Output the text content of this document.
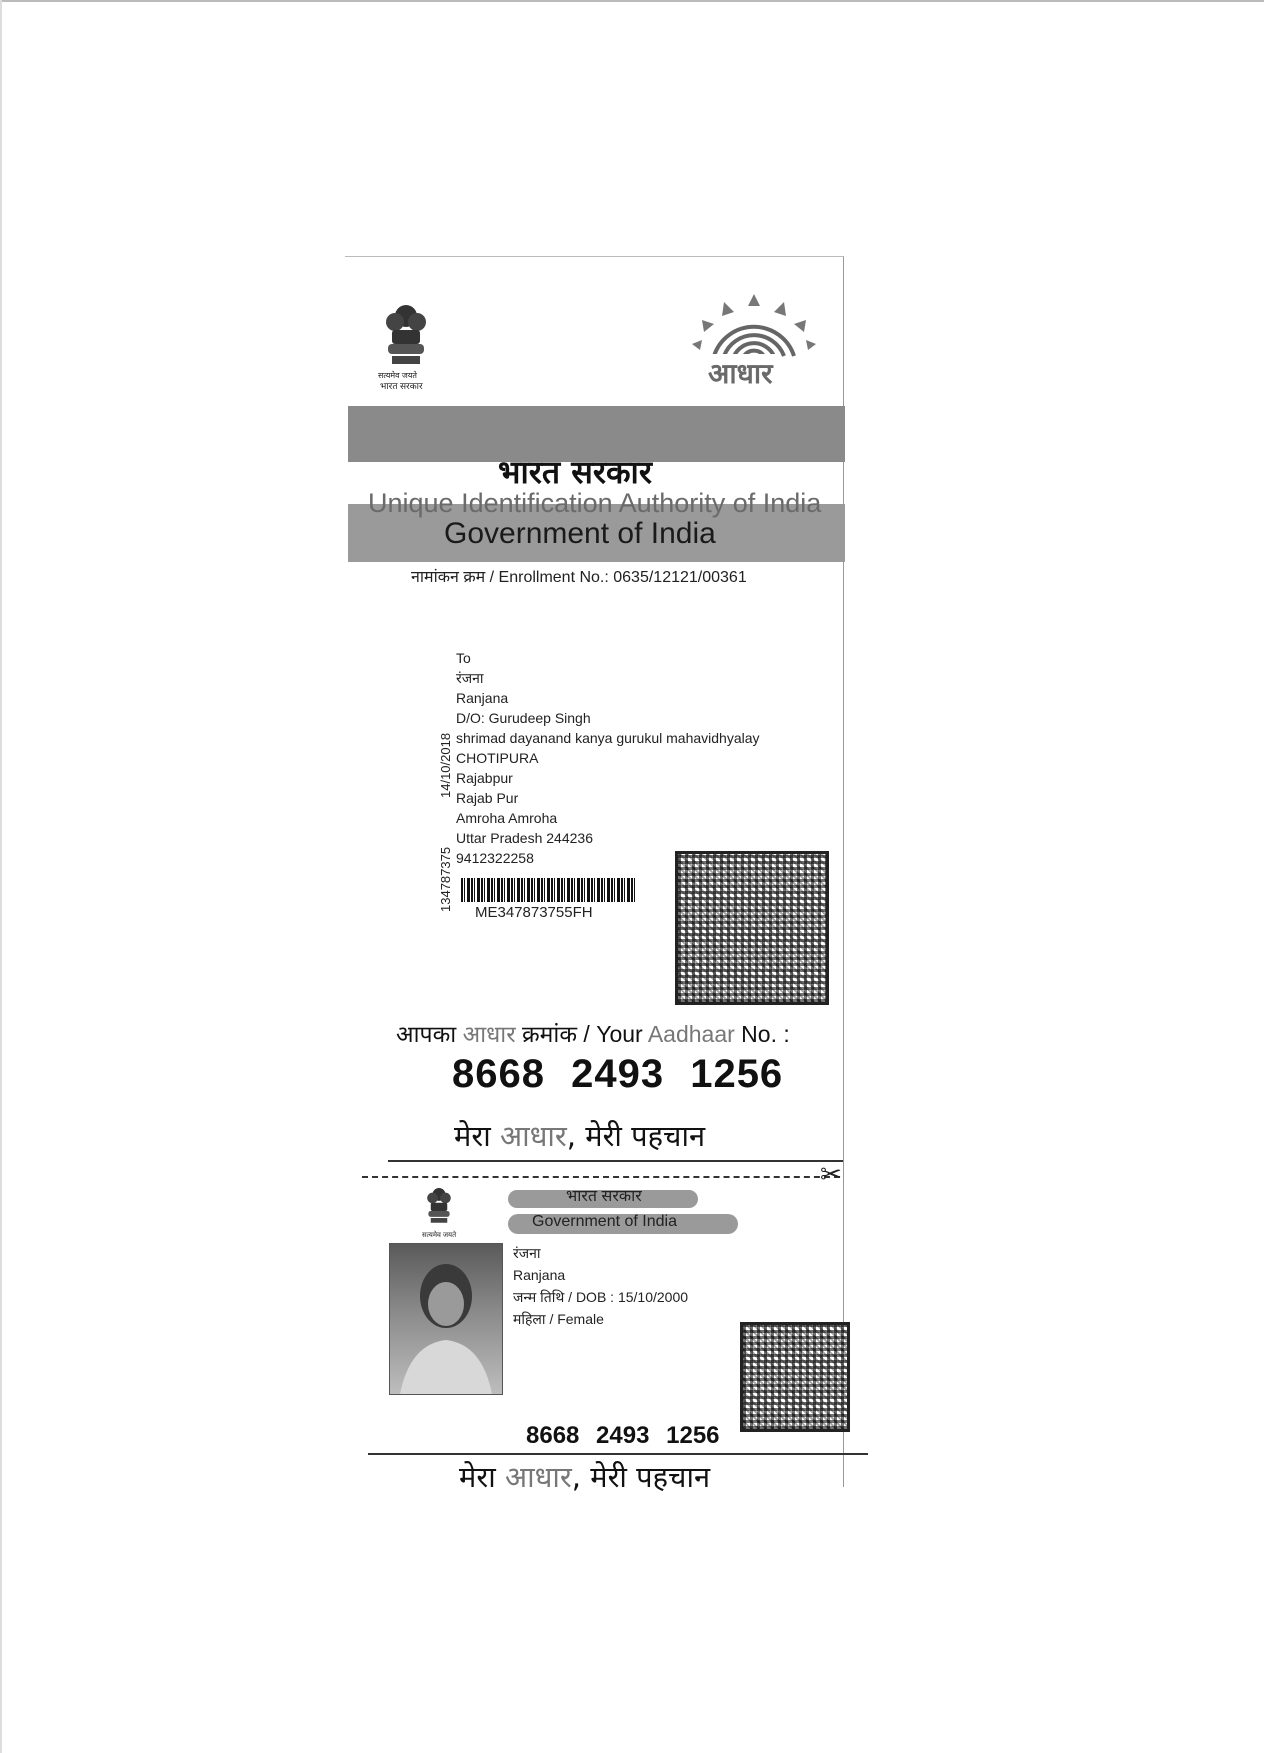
सत्यमेव जयते
भारत सरकार	आधार
भारत सरकार
Unique Identification Authority of India
Government of India
नामांकन क्रम / Enrollment No.: 0635/12121/00361
To
रंजना
Ranjana
D/O: Gurudeep Singh
shrimad dayanand kanya gurukul mahavidhyalay
CHOTIPURA
Rajabpur
Rajab Pur
Amroha Amroha
Uttar Pradesh 244236
9412322258
14/10/2018
134787375
ME347873755FH
आपका आधार क्रमांक / Your Aadhaar No. :
8668 2493 1256
मेरा आधार, मेरी पहचान
✂
सत्यमेव जयते
भारत सरकार
Government of India
रंजना
Ranjana
जन्म तिथि / DOB : 15/10/2000
महिला / Female
8668 2493 1256
मेरा आधार, मेरी पहचान
